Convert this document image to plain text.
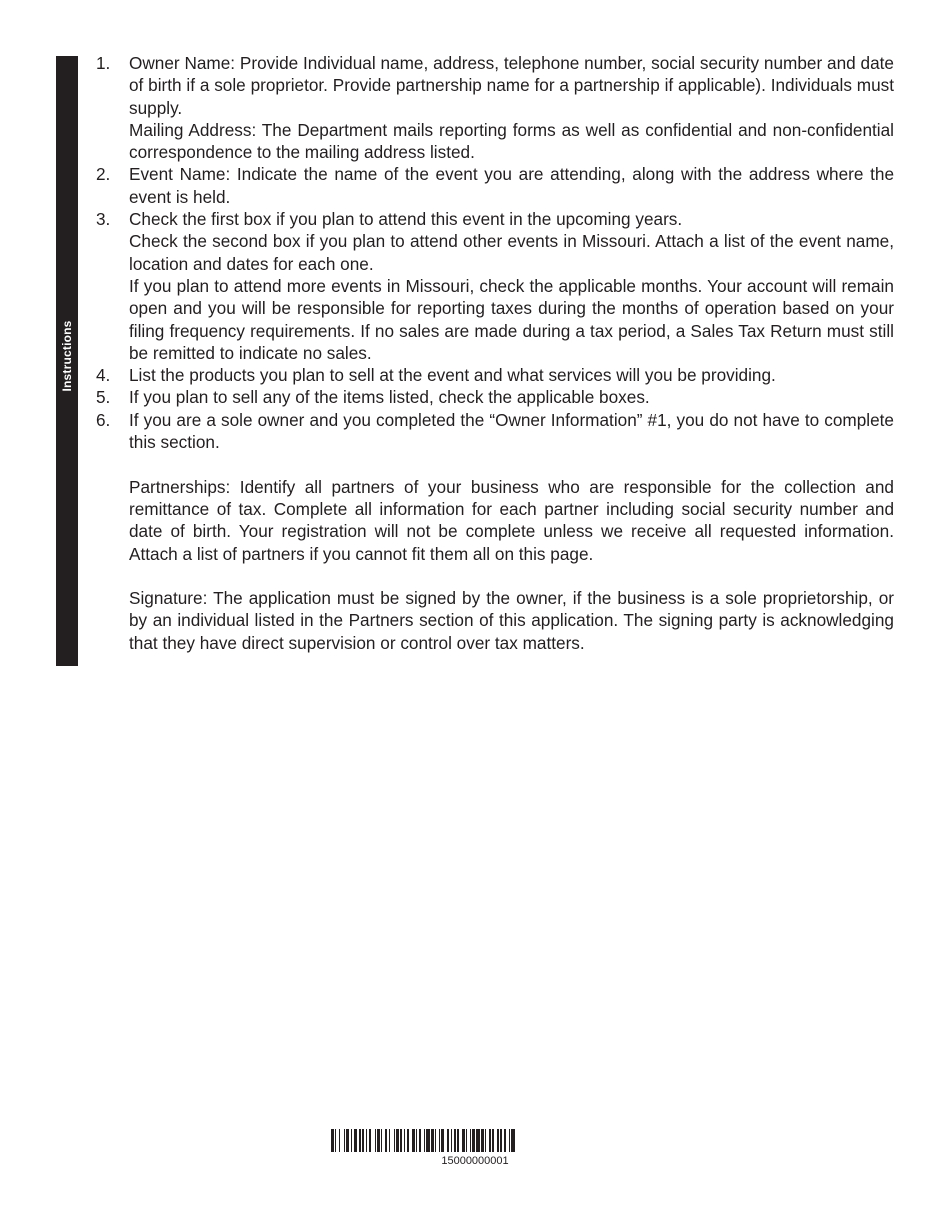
Instructions
1. Owner Name: Provide Individual name, address, telephone number, social security number and date of birth if a sole proprietor. Provide partnership name for a partnership if applicable). Individuals must supply.

Mailing Address: The Department mails reporting forms as well as confidential and non-confidential correspondence to the mailing address listed.

2. Event Name: Indicate the name of the event you are attending, along with the address where the event is held.

3. Check the first box if you plan to attend this event in the upcoming years.

Check the second box if you plan to attend other events in Missouri. Attach a list of the event name, location and dates for each one.

If you plan to attend more events in Missouri, check the applicable months. Your account will remain open and you will be responsible for reporting taxes during the months of operation based on your filing frequency requirements. If no sales are made during a tax period, a Sales Tax Return must still be remitted to indicate no sales.

4. List the products you plan to sell at the event and what services will you be providing.

5. If you plan to sell any of the items listed, check the applicable boxes.

6. If you are a sole owner and you completed the “Owner Information” #1, you do not have to complete this section.

Partnerships: Identify all partners of your business who are responsible for the collection and remittance of tax. Complete all information for each partner including social security number and date of birth. Your registration will not be complete unless we receive all requested information. Attach a list of partners if you cannot fit them all on this page.

Signature: The application must be signed by the owner, if the business is a sole proprietorship, or by an individual listed in the Partners section of this application. The signing party is acknowledging that they have direct supervision or control over tax matters.

15000000001
